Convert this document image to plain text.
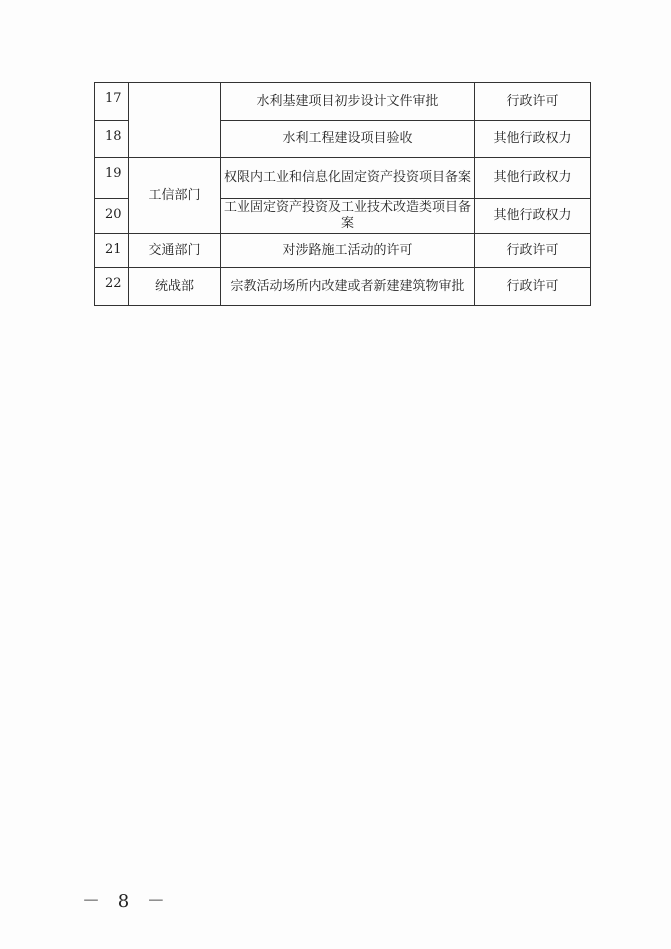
17		水利基建项目初步设计文件审批	行政许可
18		水利工程建设项目验收	其他行政权力
19	工信部门	权限内工业和信息化固定资产投资项目备案	其他行政权力
20		工业固定资产投资及工业技术改造类项目备案	其他行政权力
21	交通部门	对涉路施工活动的许可	行政许可
22	统战部	宗教活动场所内改建或者新建建筑物审批	行政许可
－ 8 －
